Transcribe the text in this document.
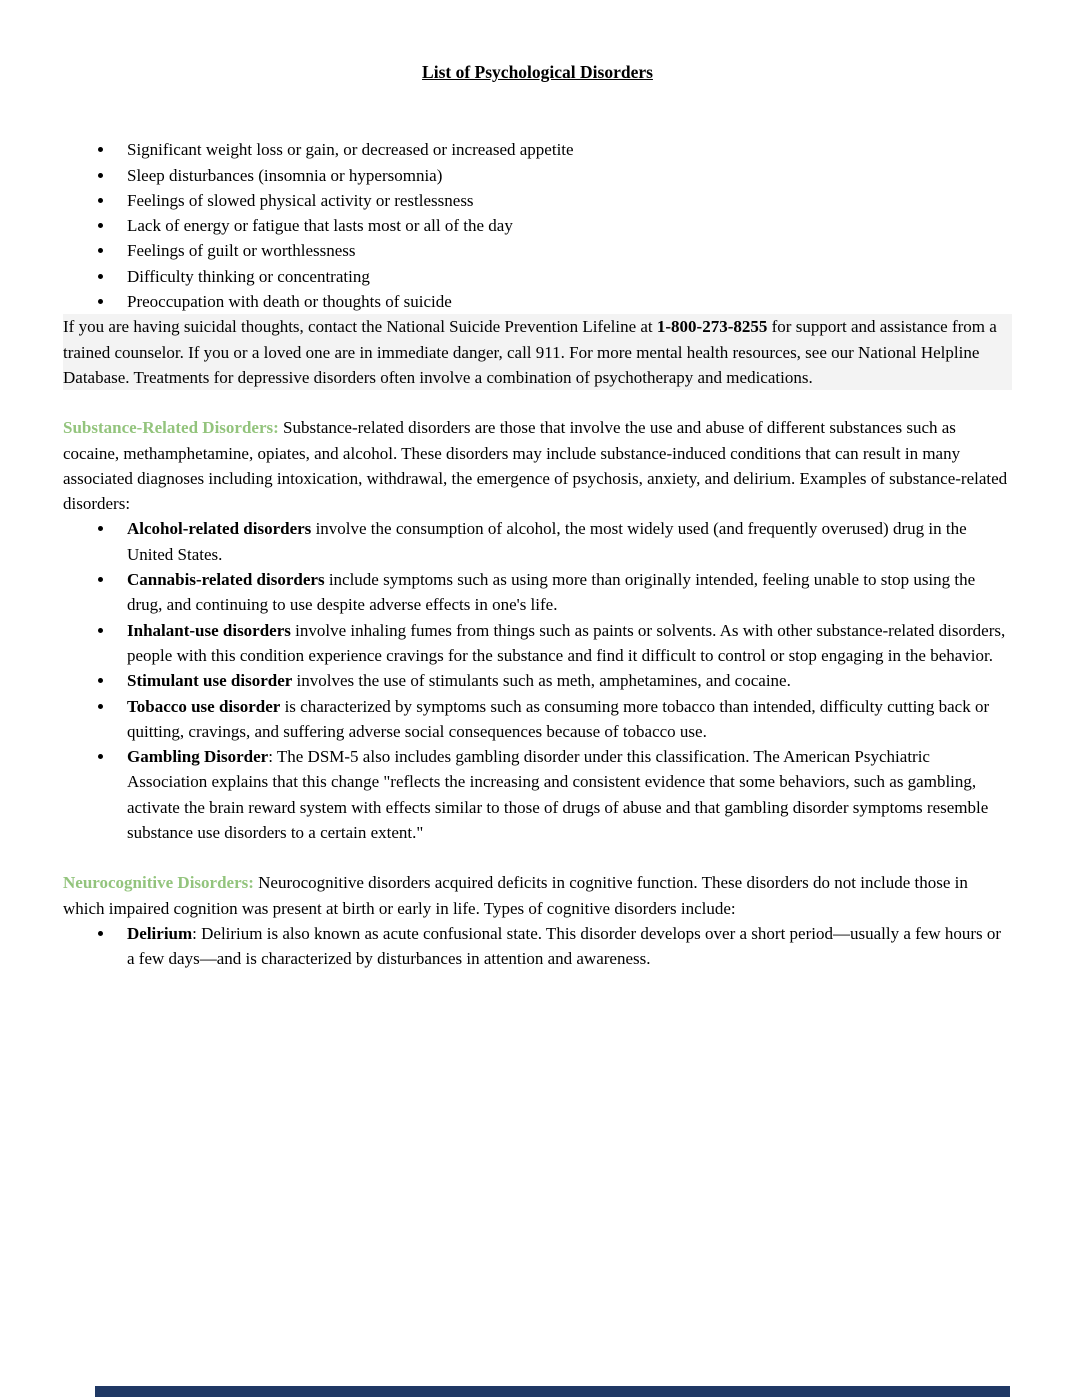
List of Psychological Disorders
• Significant weight loss or gain, or decreased or increased appetite
• Sleep disturbances (insomnia or hypersomnia)
• Feelings of slowed physical activity or restlessness
• Lack of energy or fatigue that lasts most or all of the day
• Feelings of guilt or worthlessness
• Difficulty thinking or concentrating
• Preoccupation with death or thoughts of suicide

If you are having suicidal thoughts, contact the National Suicide Prevention Lifeline at 1-800-273-8255 for support and assistance from a trained counselor. If you or a loved one are in immediate danger, call 911. For more mental health resources, see our National Helpline Database. Treatments for depressive disorders often involve a combination of psychotherapy and medications.

Substance-Related Disorders: Substance-related disorders are those that involve the use and abuse of different substances such as cocaine, methamphetamine, opiates, and alcohol. These disorders may include substance-induced conditions that can result in many associated diagnoses including intoxication, withdrawal, the emergence of psychosis, anxiety, and delirium. Examples of substance-related disorders:

• Alcohol-related disorders involve the consumption of alcohol, the most widely used (and frequently overused) drug in the United States.
• Cannabis-related disorders include symptoms such as using more than originally intended, feeling unable to stop using the drug, and continuing to use despite adverse effects in one's life.
• Inhalant-use disorders involve inhaling fumes from things such as paints or solvents. As with other substance-related disorders, people with this condition experience cravings for the substance and find it difficult to control or stop engaging in the behavior.
• Stimulant use disorder involves the use of stimulants such as meth, amphetamines, and cocaine.
• Tobacco use disorder is characterized by symptoms such as consuming more tobacco than intended, difficulty cutting back or quitting, cravings, and suffering adverse social consequences because of tobacco use.
• Gambling Disorder: The DSM-5 also includes gambling disorder under this classification. The American Psychiatric Association explains that this change "reflects the increasing and consistent evidence that some behaviors, such as gambling, activate the brain reward system with effects similar to those of drugs of abuse and that gambling disorder symptoms resemble substance use disorders to a certain extent."

Neurocognitive Disorders: Neurocognitive disorders acquired deficits in cognitive function. These disorders do not include those in which impaired cognition was present at birth or early in life. Types of cognitive disorders include:

• Delirium: Delirium is also known as acute confusional state. This disorder develops over a short period—usually a few hours or a few days—and is characterized by disturbances in attention and awareness.
